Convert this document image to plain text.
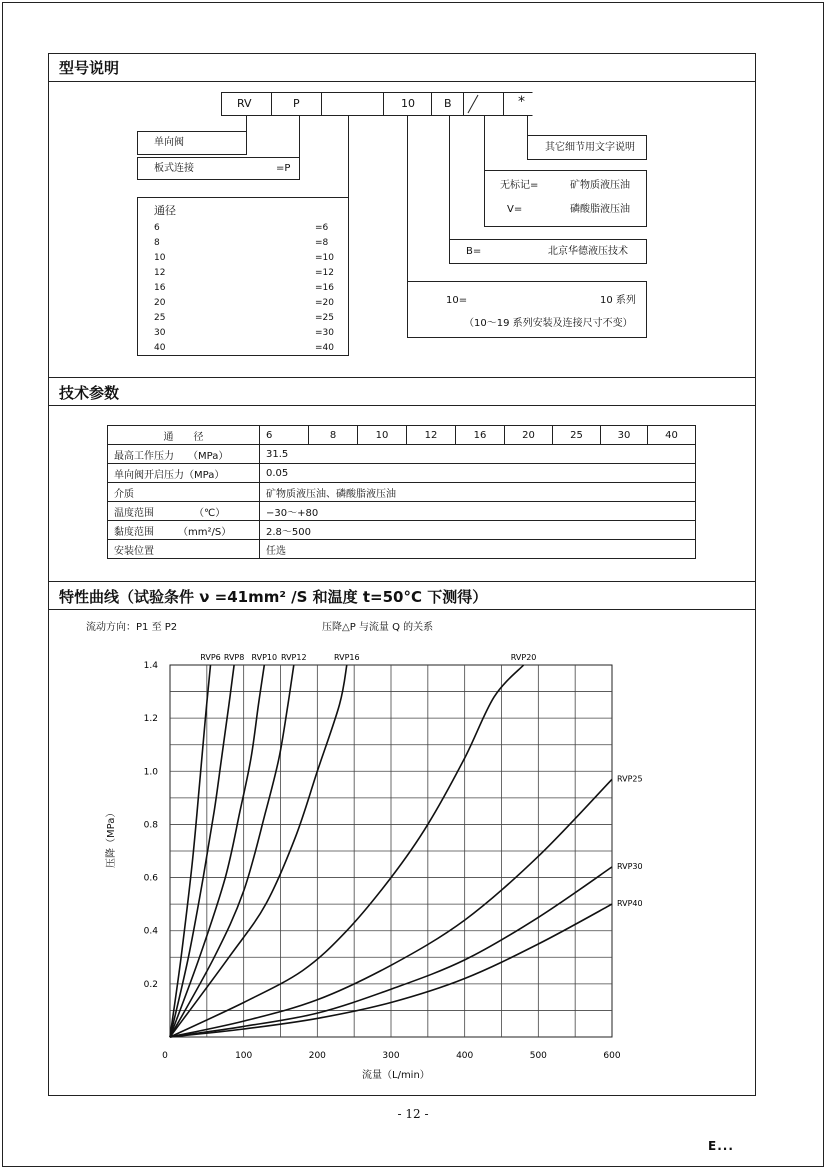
型号说明
单向阀
板式连接	=P
通径
6	=6
8	=8
10	=10
12	=12
16	=16
20	=20
25	=25
30	=30
40	=40
其它细节用文字说明
无标记=	矿物质液压油
V=	磷酸脂液压油
B=	北京华德液压技术
10=	10 系列
（10～19 系列安装及连接尺寸不变）
RV	P	10	B	*
技术参数
通　　径	6	8	10	12	16	20	25	30	40
最高工作压力 （MPa）	31.5								
单向阀开启压力（MPa）	0.05								
介质	矿物质液压油、磷酸脂液压油								
温度范围 （℃）	−30～+80								
黏度范围 （mm²/S）	2.8～500								
安装位置	任选								
特性曲线（试验条件 ν =41mm² /S 和温度 t=50°C 下测得）
流动方向：P1 至 P2	压降△P 与流量 Q 的关系
0	100	200	300	400	500	600
0.2
0.4
0.6
0.8
1.0
1.2
1.4
RVP6 RVP8 RVP10 RVP12	RVP16	RVP20
RVP25
RVP30
RVP40
流量（L/min）
压降（MPa）
- 12 -
E...
